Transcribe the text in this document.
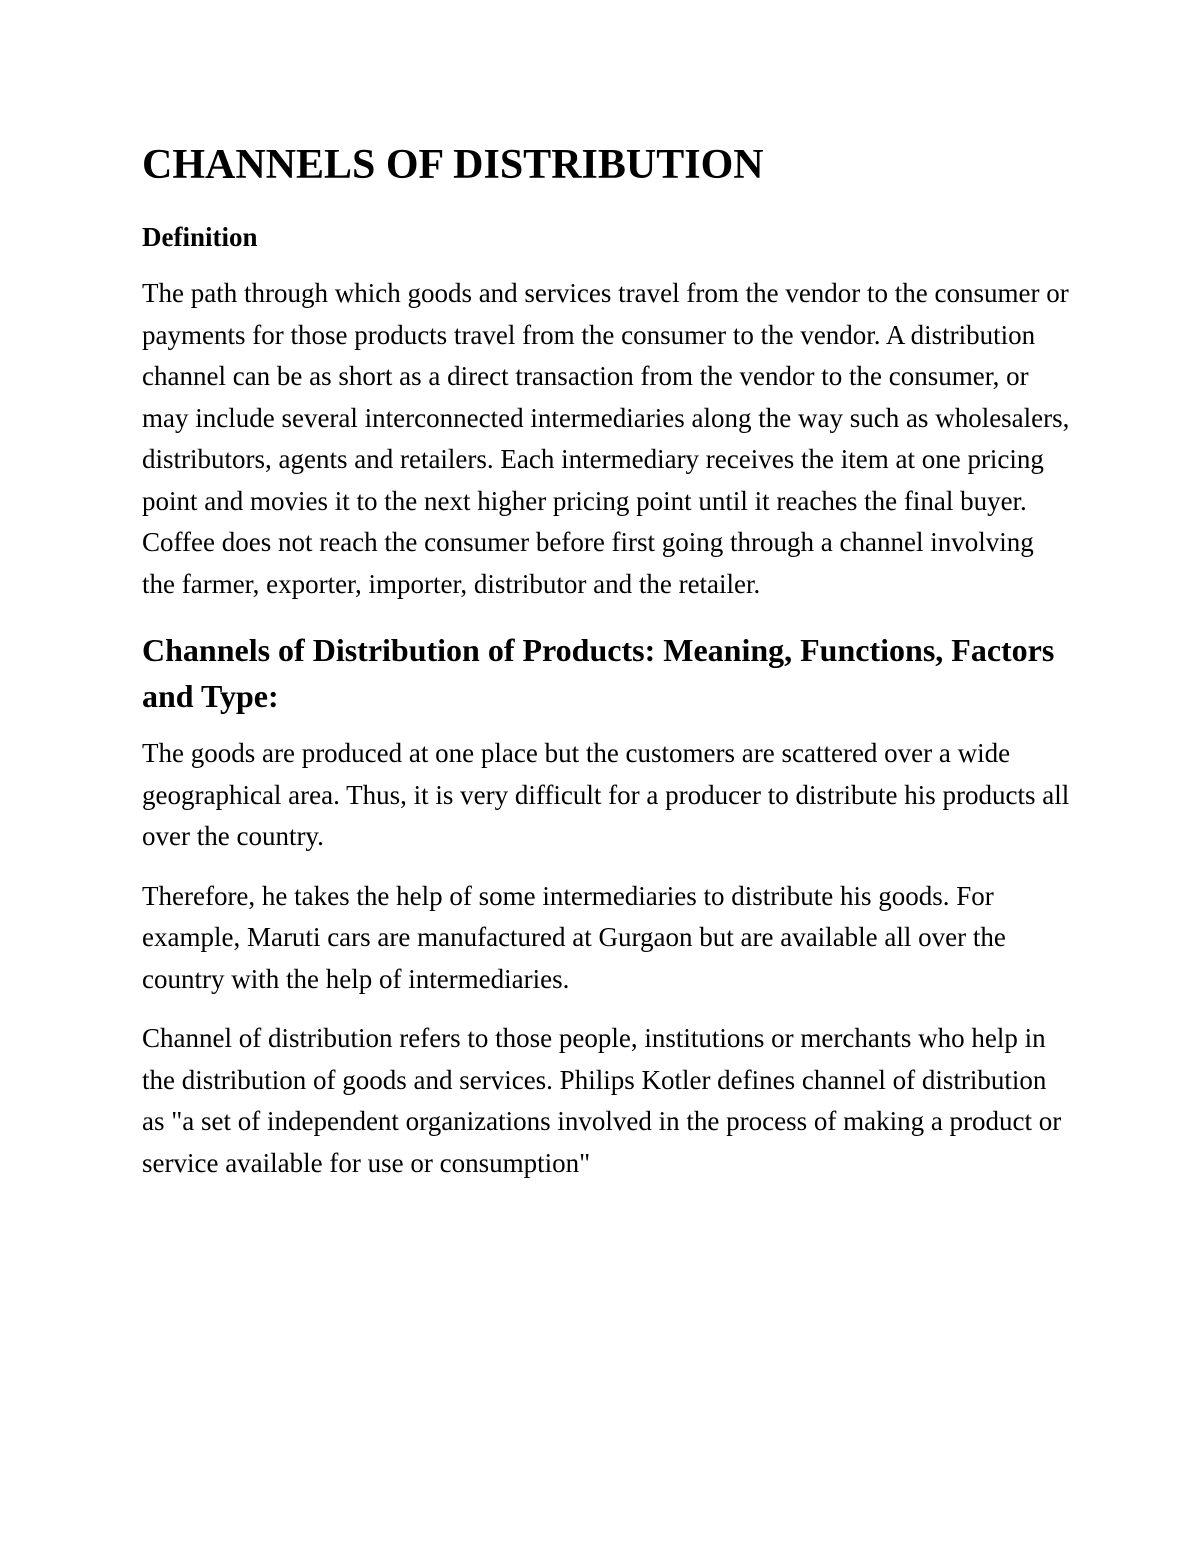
CHANNELS OF DISTRIBUTION
Definition

The path through which goods and services travel from the vendor to the consumer or payments for those products travel from the consumer to the vendor. A distribution channel can be as short as a direct transaction from the vendor to the consumer, or may include several interconnected intermediaries along the way such as wholesalers, distributors, agents and retailers. Each intermediary receives the item at one pricing point and movies it to the next higher pricing point until it reaches the final buyer. Coffee does not reach the consumer before first going through a channel involving the farmer, exporter, importer, distributor and the retailer.

Channels of Distribution of Products: Meaning, Functions, Factors and Type:

The goods are produced at one place but the customers are scattered over a wide geographical area. Thus, it is very difficult for a producer to distribute his products all over the country.

Therefore, he takes the help of some intermediaries to distribute his goods. For example, Maruti cars are manufactured at Gurgaon but are available all over the country with the help of intermediaries.

Channel of distribution refers to those people, institutions or merchants who help in the distribution of goods and services. Philips Kotler defines channel of distribution as "a set of independent organizations involved in the process of making a product or service available for use or consumption"
